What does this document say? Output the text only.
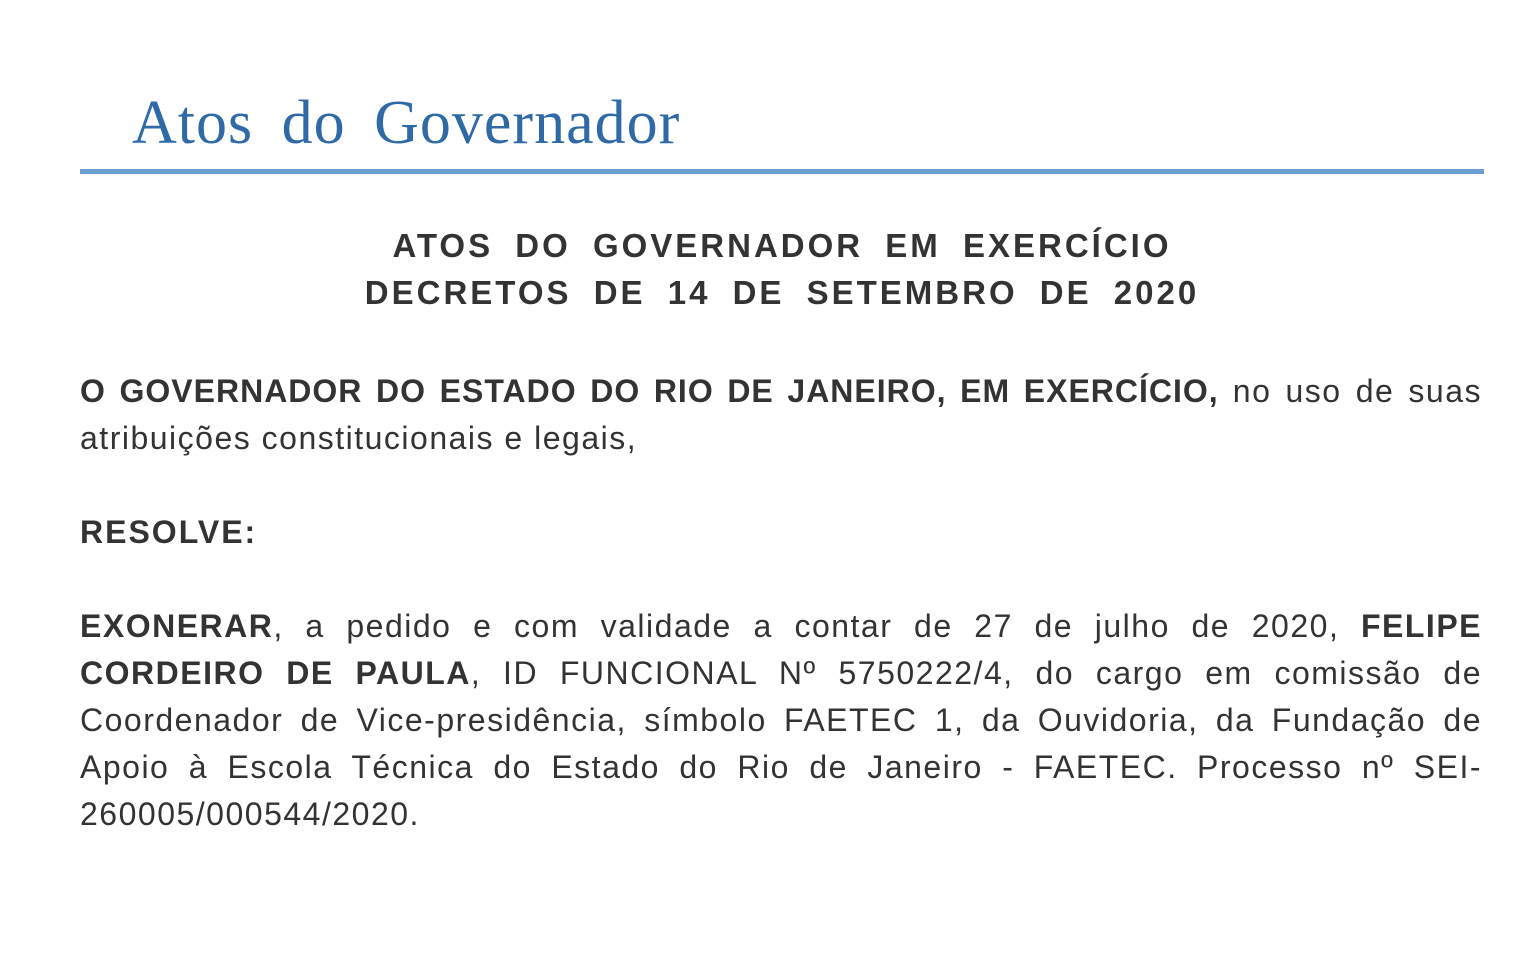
Atos do Governador
ATOS DO GOVERNADOR EM EXERCÍCIO
DECRETOS DE 14 DE SETEMBRO DE 2020

O GOVERNADOR DO ESTADO DO RIO DE JANEIRO, EM EXERCÍCIO, no uso de suas atribuições constitucionais e legais,

RESOLVE:

EXONERAR, a pedido e com validade a contar de 27 de julho de 2020, FELIPE CORDEIRO DE PAULA, ID FUNCIONAL Nº 5750222/4, do cargo em comissão de Coordenador de Vice-presidência, símbolo FAETEC 1, da Ouvidoria, da Fundação de Apoio à Escola Técnica do Estado do Rio de Janeiro - FAETEC. Processo nº SEI-260005/000544/2020.
